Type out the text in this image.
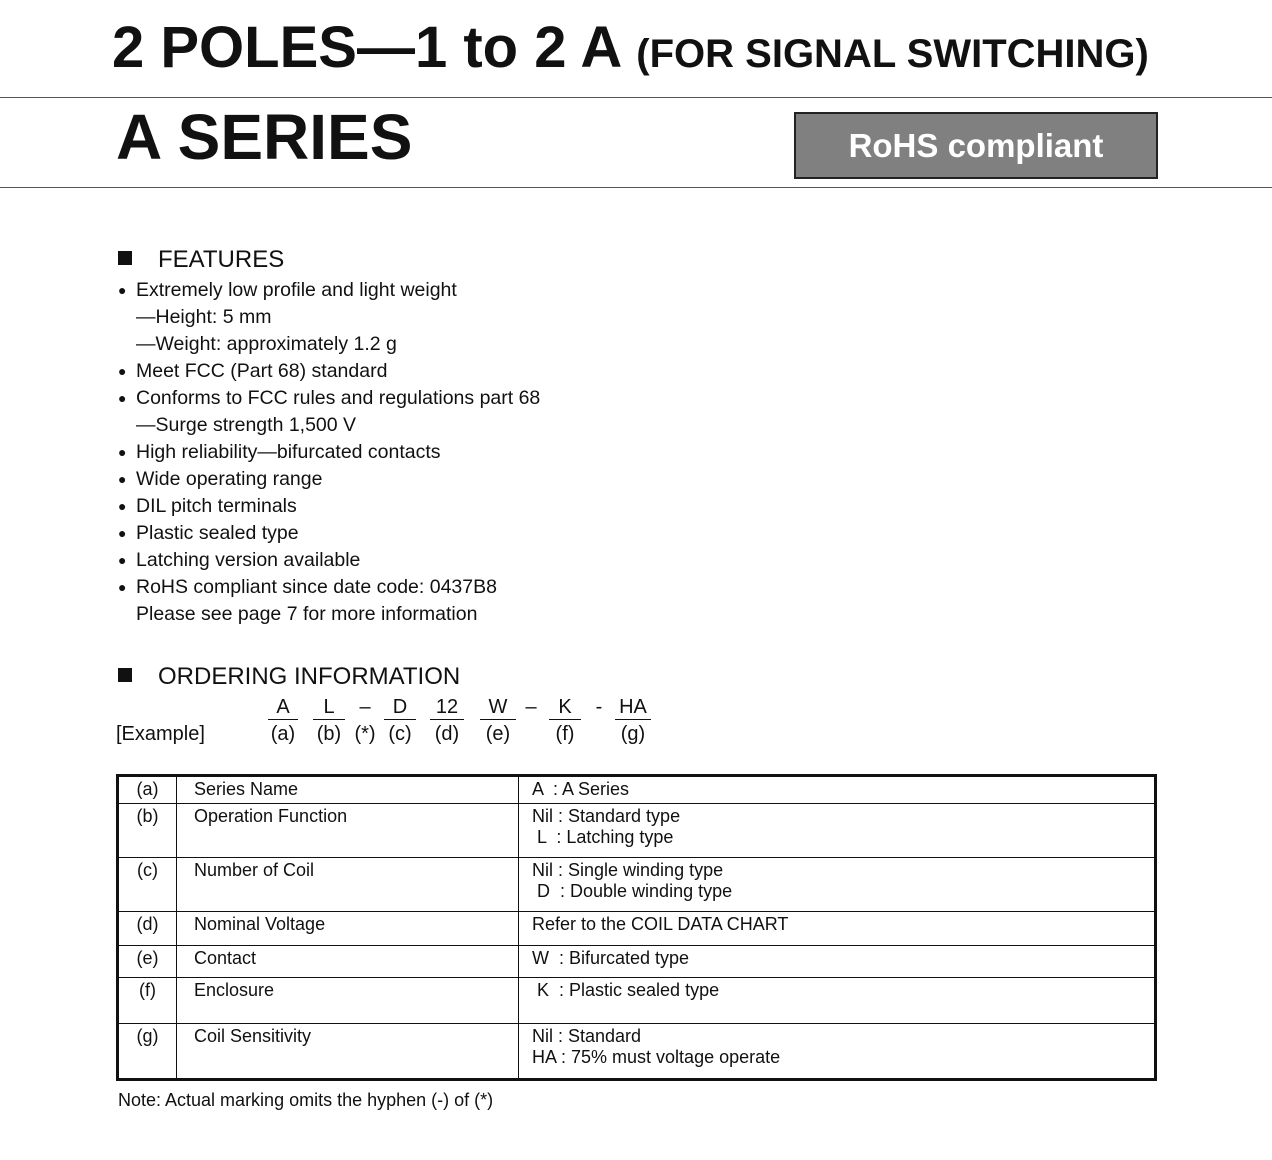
2 POLES—1 to 2 A (FOR SIGNAL SWITCHING)
A SERIES	RoHS compliant
FEATURES
● Extremely low profile and light weight
—Height: 5 mm
—Weight: approximately 1.2 g
● Meet FCC (Part 68) standard
● Conforms to FCC rules and regulations part 68
—Surge strength 1,500 V
● High reliability—bifurcated contacts
● Wide operating range
● DIL pitch terminals
● Plastic sealed type
● Latching version available
● RoHS compliant since date code: 0437B8
Please see page 7 for more information
ORDERING INFORMATION
A	L	–	D	12	W –	K	- HA
[Example]	(a)	(b) (*) (c)	(d)	(e)	(f)	(g)
(a)	Series Name	A  : A Series

(b)	Operation Function	Nil : Standard type
L  : Latching type

(c)	Number of Coil	Nil : Single winding type
D  : Double winding type

(d)	Nominal Voltage	Refer to the COIL DATA CHART

(e)	Contact	W  : Bifurcated type

(f)	Enclosure	K  : Plastic sealed type

(g)	Coil Sensitivity	Nil : Standard
HA : 75% must voltage operate
Note: Actual marking omits the hyphen (-) of (*)
